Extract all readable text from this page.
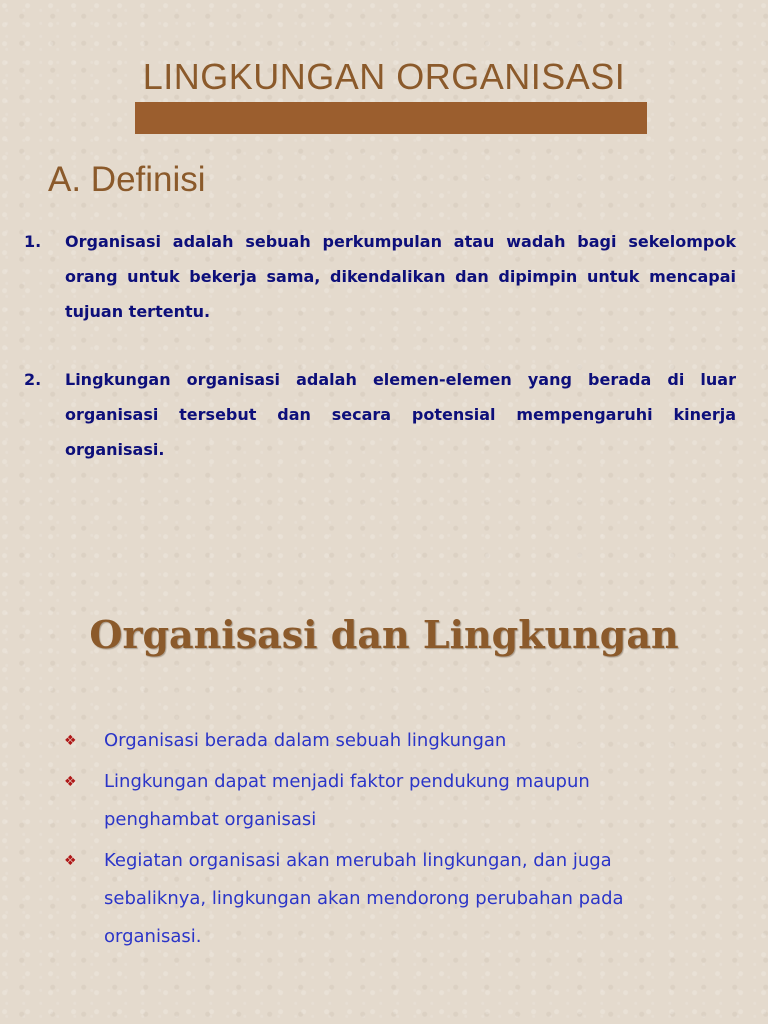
LINGKUNGAN ORGANISASI
A. Definisi
1.	Organisasi adalah sebuah perkumpulan atau wadah bagi sekelompok orang untuk bekerja sama, dikendalikan dan dipimpin untuk mencapai tujuan tertentu.
2.	Lingkungan organisasi adalah elemen-elemen yang berada di luar organisasi tersebut dan secara potensial mempengaruhi kinerja organisasi.
Organisasi dan Lingkungan
❖	Organisasi berada dalam sebuah lingkungan
❖	Lingkungan dapat menjadi faktor pendukung maupun penghambat organisasi
❖	Kegiatan organisasi akan merubah lingkungan, dan juga sebaliknya, lingkungan akan mendorong perubahan pada organisasi.
